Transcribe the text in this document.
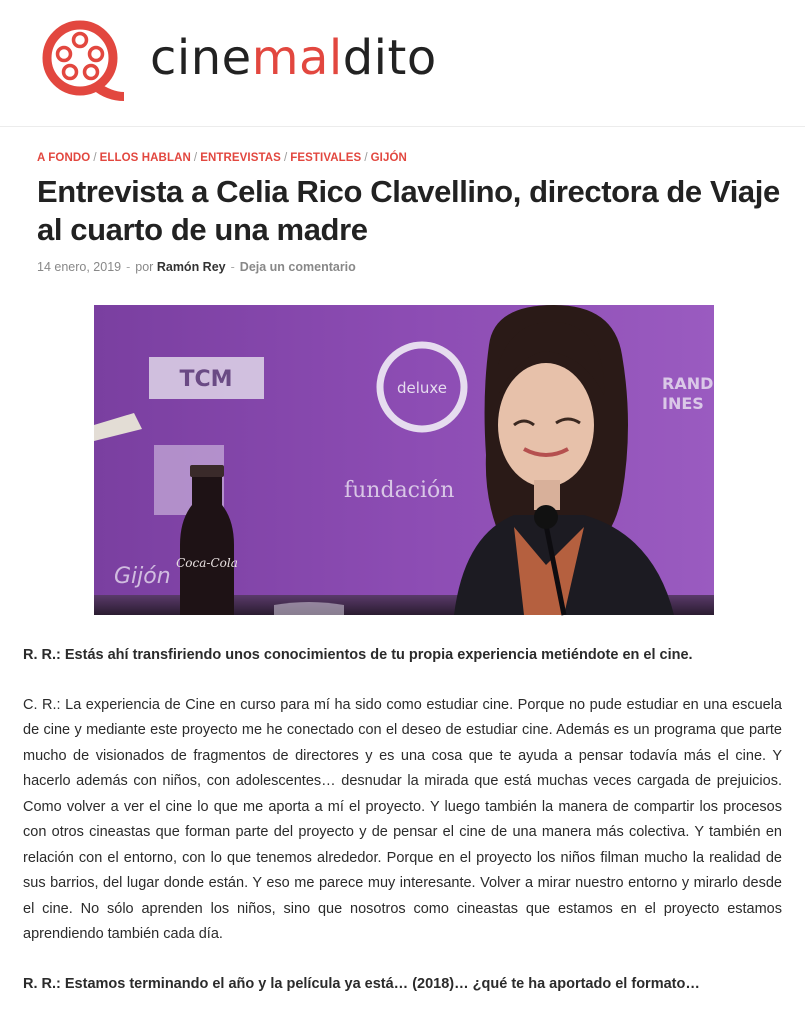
cinemaldito
A FONDO / ELLOS HABLAN / ENTREVISTAS / FESTIVALES / GIJÓN
Entrevista a Celia Rico Clavellino, directora de Viaje al cuarto de una madre
14 enero, 2019 - por Ramón Rey - Deja un comentario
TCM	deluxe
fundación
Gijón
RAND
INES
Coca-Cola

R. R.: Estás ahí transfiriendo unos conocimientos de tu propia experiencia metiéndote en el cine.

C. R.: La experiencia de Cine en curso para mí ha sido como estudiar cine. Porque no pude estudiar en una escuela de cine y mediante este proyecto me he conectado con el deseo de estudiar cine. Además es un programa que parte mucho de visionados de fragmentos de directores y es una cosa que te ayuda a pensar todavía más el cine. Y hacerlo además con niños, con adolescentes… desnudar la mirada que está muchas veces cargada de prejuicios. Como volver a ver el cine lo que me aporta a mí el proyecto. Y luego también la manera de compartir los procesos con otros cineastas que forman parte del proyecto y de pensar el cine de una manera más colectiva. Y también en relación con el entorno, con lo que tenemos alrededor. Porque en el proyecto los niños filman mucho la realidad de sus barrios, del lugar donde están. Y eso me parece muy interesante. Volver a mirar nuestro entorno y mirarlo desde el cine. No sólo aprenden los niños, sino que nosotros como cineastas que estamos en el proyecto estamos aprendiendo también cada día.

R. R.: Estamos terminando el año y la película ya está… (2018)… ¿qué te ha aportado el formato…
